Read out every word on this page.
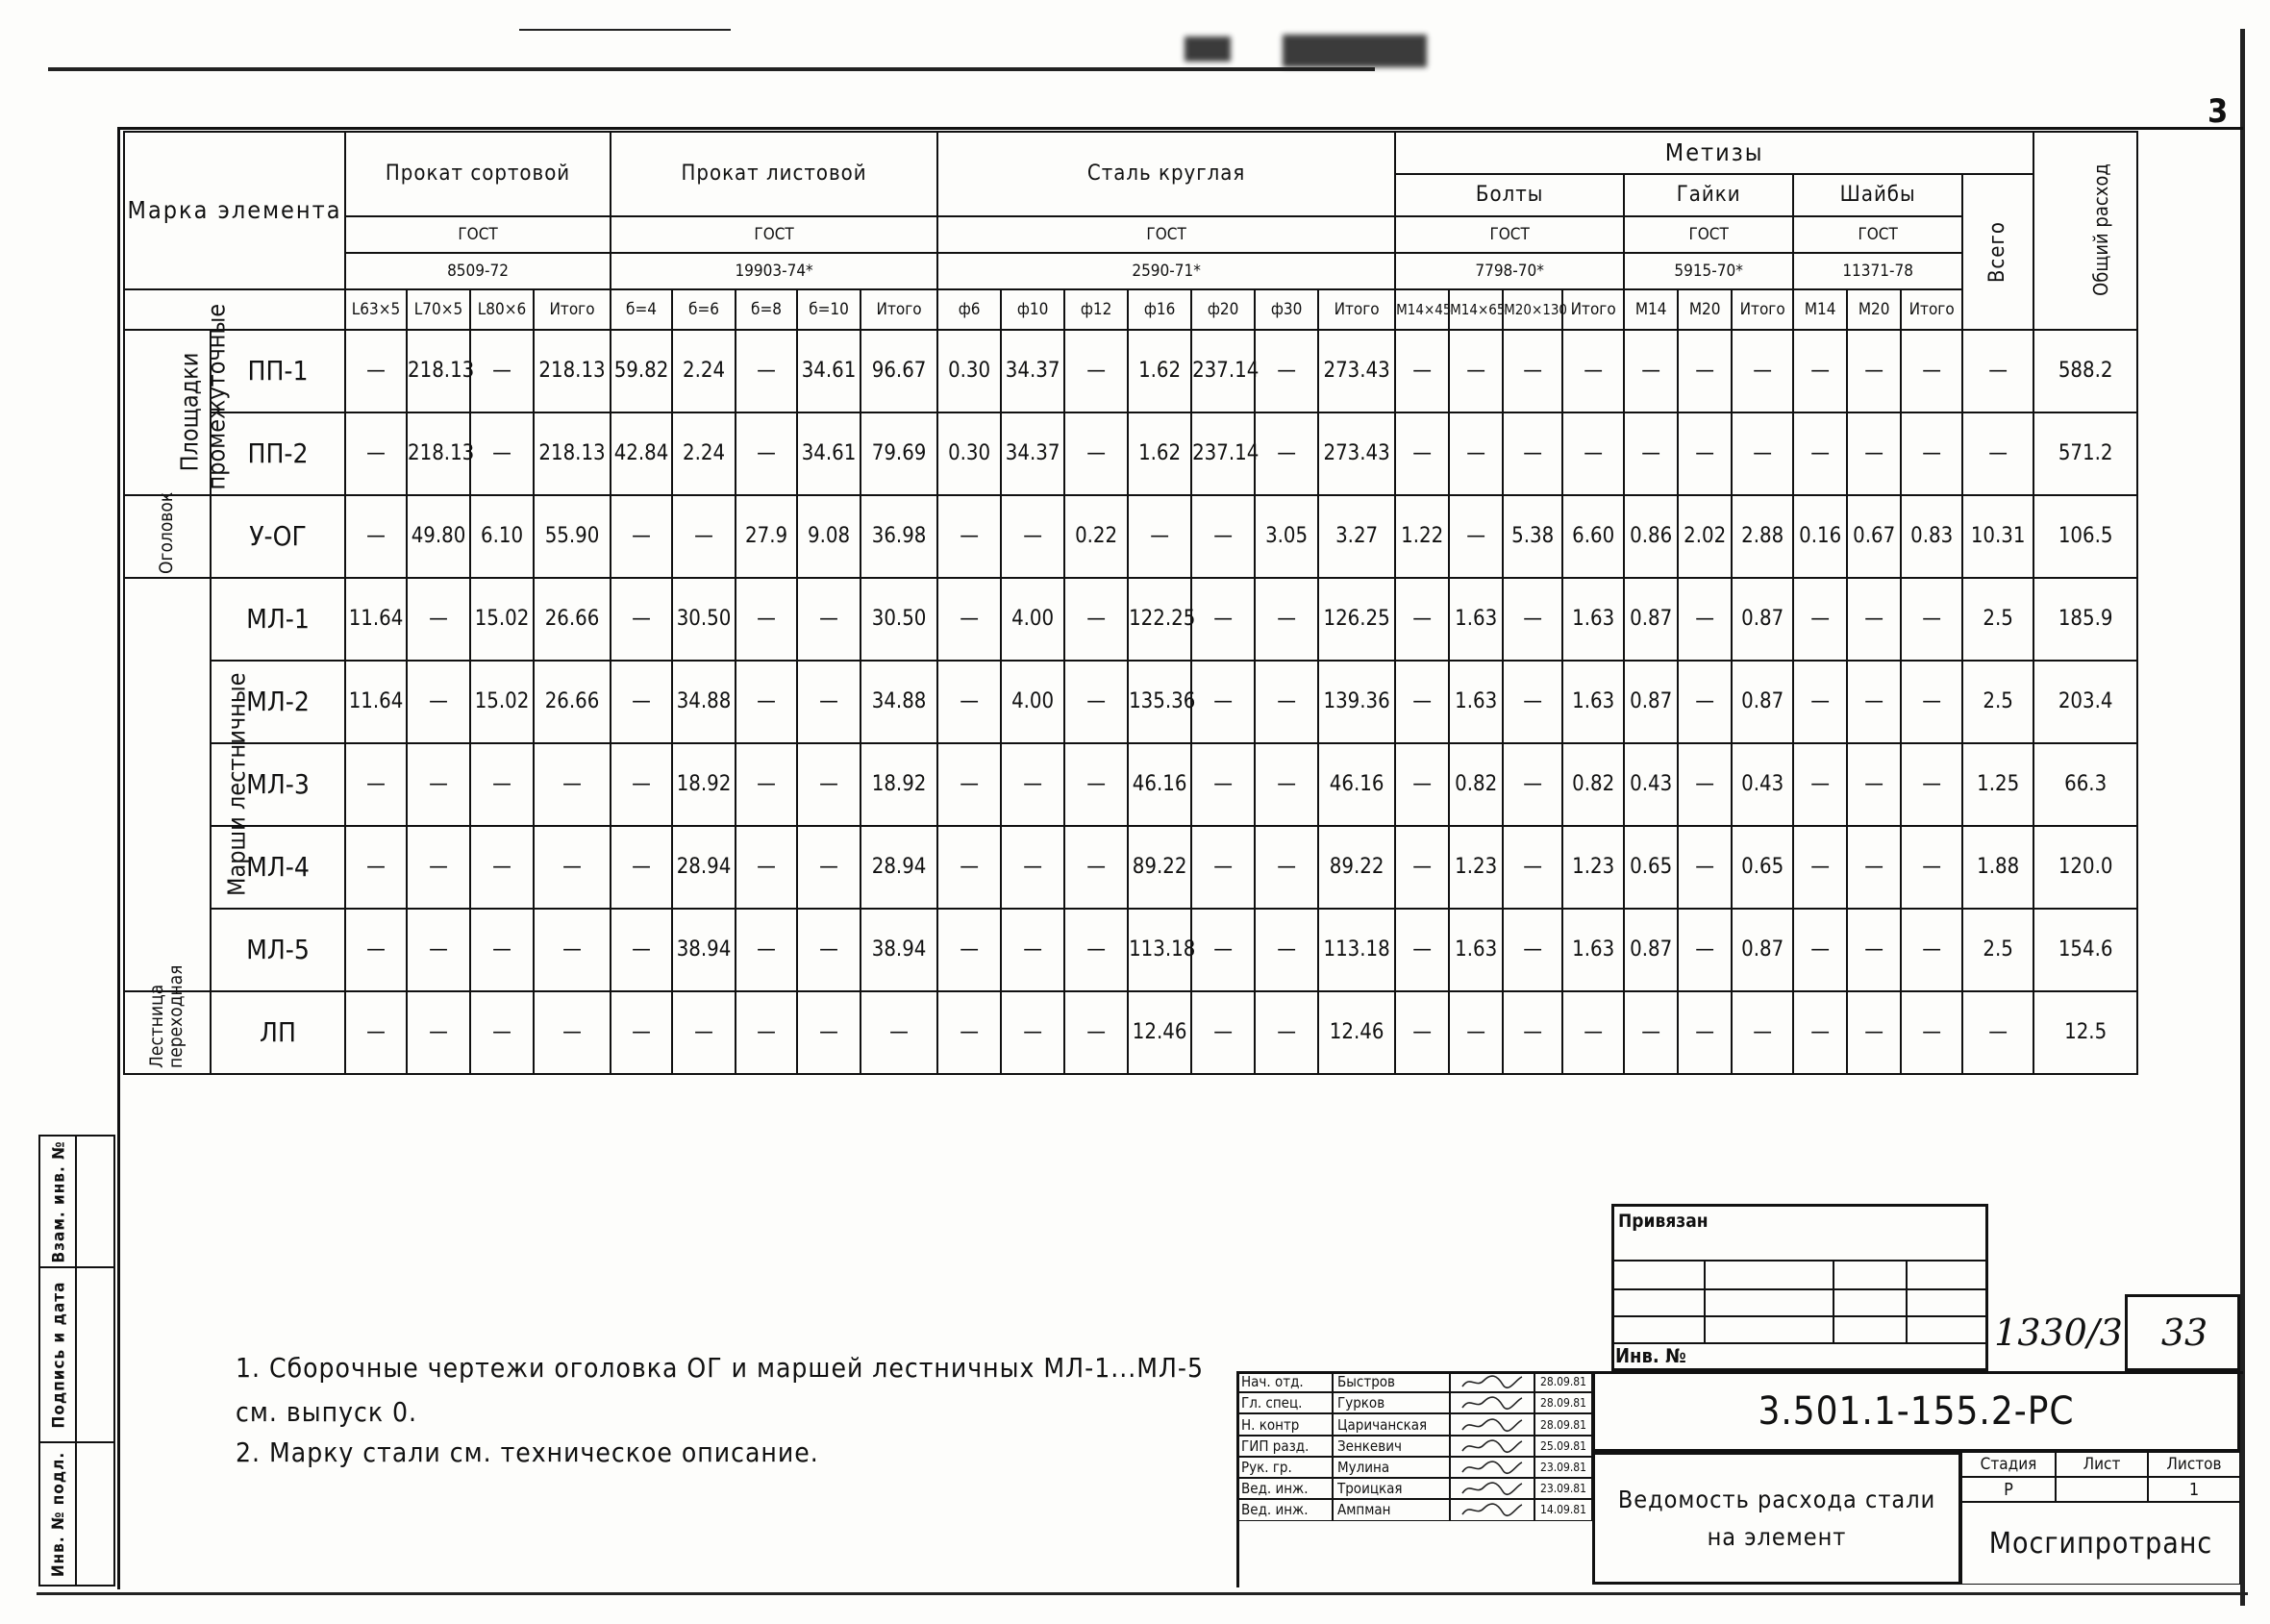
3
Марка элемента		Прокат сортовой				Прокат листовой					Сталь круглая							Метизы											Общий расход
																		Болты				Гайки			Шайбы			Всего	
		ГОСТ				ГОСТ					ГОСТ							ГОСТ				ГОСТ			ГОСТ				
		8509-72				19903-74*					2590-71*							7798-70*				5915-70*			11371-78				
		L63×5	L70×5	L80×6	Итого	б=4	б=6	б=8	б=10	Итого	ф6	ф10	ф12	ф16	ф20	ф30	Итого	М14×45	М14×65	М20×130	Итого	М14	М20	Итого	М14	М20	Итого		
Площадки промежуточные	ПП-1	—	218.13	—	218.13	59.82	2.24	—	34.61	96.67	0.30	34.37	—	1.62	237.14	—	273.43	—	—	—	—	—	—	—	—	—	—	—	588.2
	ПП-2	—	218.13	—	218.13	42.84	2.24	—	34.61	79.69	0.30	34.37	—	1.62	237.14	—	273.43	—	—	—	—	—	—	—	—	—	—	—	571.2
Оголовок	У-ОГ	—	49.80	6.10	55.90	—	—	27.9	9.08	36.98	—	—	0.22	—	—	3.05	3.27	1.22	—	5.38	6.60	0.86	2.02	2.88	0.16	0.67	0.83	10.31	106.5
Марши лестничные	МЛ-1	11.64	—	15.02	26.66	—	30.50	—	—	30.50	—	4.00	—	122.25	—	—	126.25	—	1.63	—	1.63	0.87	—	0.87	—	—	—	2.5	185.9
	МЛ-2	11.64	—	15.02	26.66	—	34.88	—	—	34.88	—	4.00	—	135.36	—	—	139.36	—	1.63	—	1.63	0.87	—	0.87	—	—	—	2.5	203.4
	МЛ-3	—	—	—	—	—	18.92	—	—	18.92	—	—	—	46.16	—	—	46.16	—	0.82	—	0.82	0.43	—	0.43	—	—	—	1.25	66.3
	МЛ-4	—	—	—	—	—	28.94	—	—	28.94	—	—	—	89.22	—	—	89.22	—	1.23	—	1.23	0.65	—	0.65	—	—	—	1.88	120.0
	МЛ-5	—	—	—	—	—	38.94	—	—	38.94	—	—	—	113.18	—	—	113.18	—	1.63	—	1.63	0.87	—	0.87	—	—	—	2.5	154.6
Лестница переходная	ЛП	—	—	—	—	—	—	—	—	—	—	—	—	12.46	—	—	12.46	—	—	—	—	—	—	—	—	—	—	—	12.5
Взам. инв. №
Подпись и дата
Инв. № подл.
1. Сборочные чертежи оголовка ОГ и маршей лестничных МЛ-1...МЛ-5
см. выпуск 0.
2. Марку стали см. техническое описание.
Привязан
Инв. №
1330/3	33
Нач. отд.	Быстров	28.09.81
Гл. спец.	Гурков	28.09.81
Н. контр	Царичанская	28.09.81
ГИП разд.	Зенкевич	25.09.81
Рук. гр.	Мулина	23.09.81
Вед. инж.	Троицкая	23.09.81
Вед. инж.	Ампман	14.09.81
3.501.1-155.2-РС
Ведомость расхода стали
на элемент
Стадия	Лист	Листов
Р	1
Мосгипротранс
